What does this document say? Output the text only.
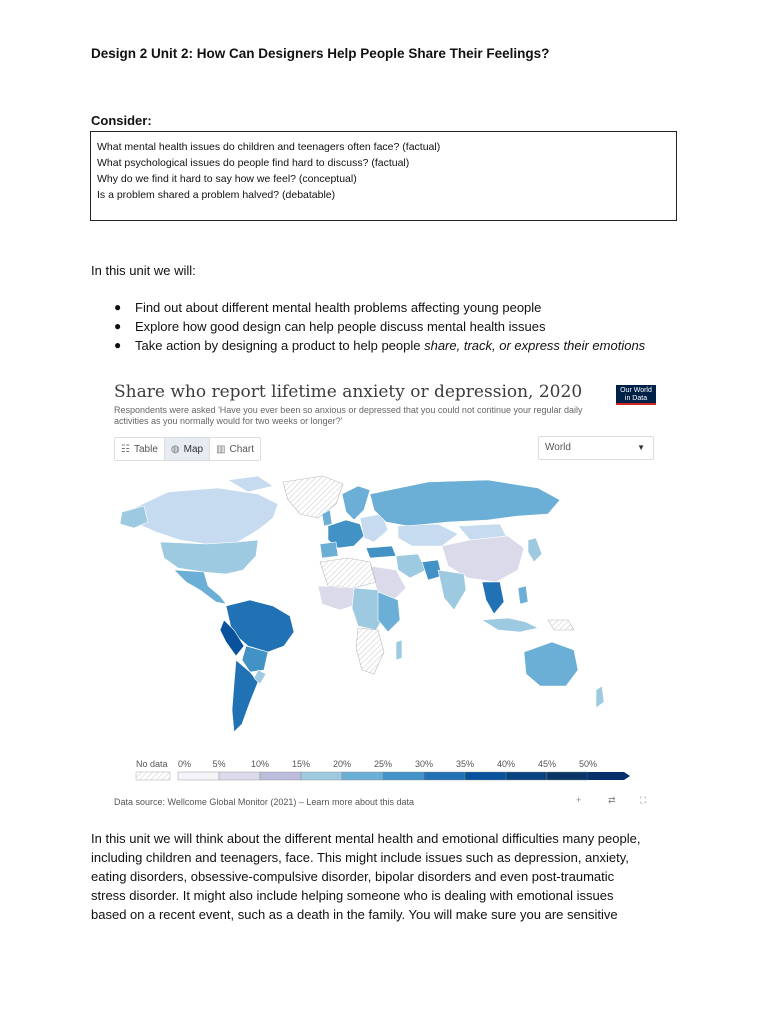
Design 2 Unit 2: How Can Designers Help People Share Their Feelings?
Consider:
What mental health issues do children and teenagers often face? (factual)
What psychological issues do people find hard to discuss? (factual)
Why do we find it hard to say how we feel? (conceptual)
Is a problem shared a problem halved? (debatable)
In this unit we will:
● Find out about different mental health problems affecting young people
● Explore how good design can help people discuss mental health issues
● Take action by designing a product to help people share, track, or express their emotions
Share who report lifetime anxiety or depression, 2020
Respondents were asked 'Have you ever been so anxious or depressed that you could not continue your regular daily activities as you normally would for two weeks or longer?'
Our World
in Data
☷ Table ◍ Map ▥ Chart	World	▼
No data 0% 5%	10%	15%	20%	25%	30%	35%	40%	45%	50%
Data source: Wellcome Global Monitor (2021) – Learn more about this data	+	⇄	⛶
In this unit we will think about the different mental health and emotional difficulties many people,
including children and teenagers, face. This might include issues such as depression, anxiety,
eating disorders, obsessive-compulsive disorder, bipolar disorders and even post-traumatic
stress disorder. It might also include helping someone who is dealing with emotional issues
based on a recent event, such as a death in the family. You will make sure you are sensitive
